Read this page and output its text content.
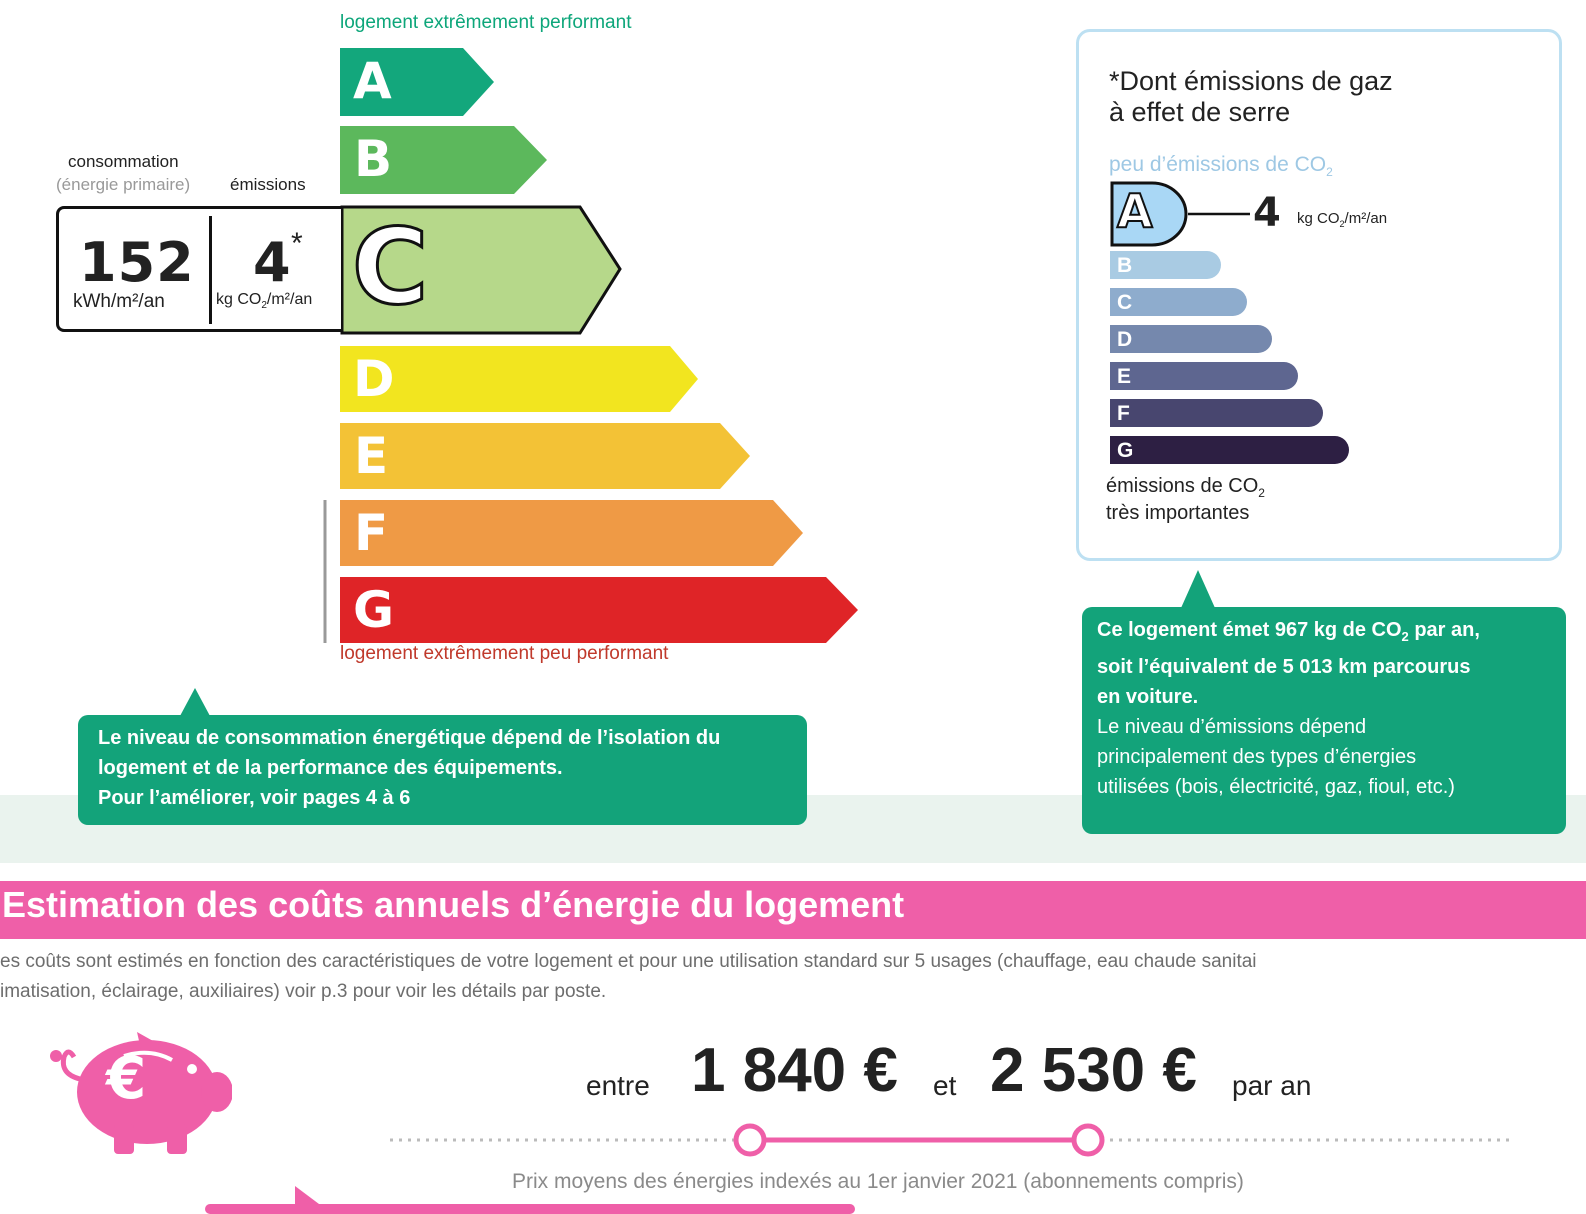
logement extrêmement performant
A
B
C
D
E
F
G
logement extrêmement peu performant
consommation
(énergie primaire) émissions
152
kWh/m²/an
4 *
kg $CO_2/m^2/an$
Le niveau de consommation énergétique dépend de l’isolation du
logement et de la performance des équipements.
Pour l’améliorer, voir pages 4 à 6
*Dont émissions de gaz
à effet de serre
peu d’émissions de $CO_2$
A	4 kg $CO_2/m^2/an$
B
C
D
E
F
G
émissions de $CO_2$
très importantes
Ce logement émet 967 kg de $CO_2$ par an,
soit l’équivalent de 5 013 km parcourus
en voiture.
Le niveau d’émissions dépend
principalement des types d’énergies
utilisées (bois, électricité, gaz, fioul, etc.)
Estimation des coûts annuels d’énergie du logement
es coûts sont estimés en fonction des caractéristiques de votre logement et pour une utilisation standard sur 5 usages (chauffage, eau chaude sanitai
imatisation, éclairage, auxiliaires) voir p.3 pour voir les détails par poste.
€	entre 1 840 € et 2 530 € par an
Prix moyens des énergies indexés au 1er janvier 2021 (abonnements compris)
